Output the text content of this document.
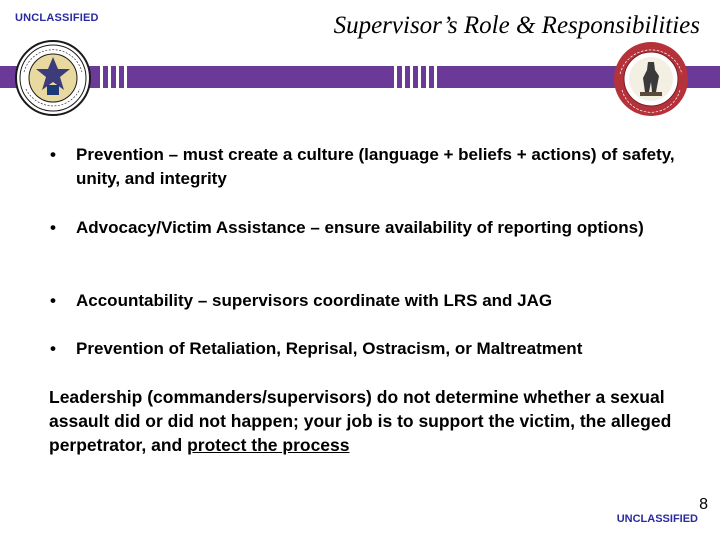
UNCLASSIFIED	Supervisor’s Role & Responsibilities
• Prevention – must create a culture (language + beliefs + actions) of safety, unity, and integrity
• Advocacy/Victim Assistance – ensure availability of reporting options)
• Accountability – supervisors coordinate with LRS and JAG
• Prevention of Retaliation, Reprisal, Ostracism, or Maltreatment
Leadership (commanders/supervisors) do not determine whether a sexual assault did or did not happen; your job is to support the victim, the alleged perpetrator, and protect the process
8
UNCLASSIFIED
